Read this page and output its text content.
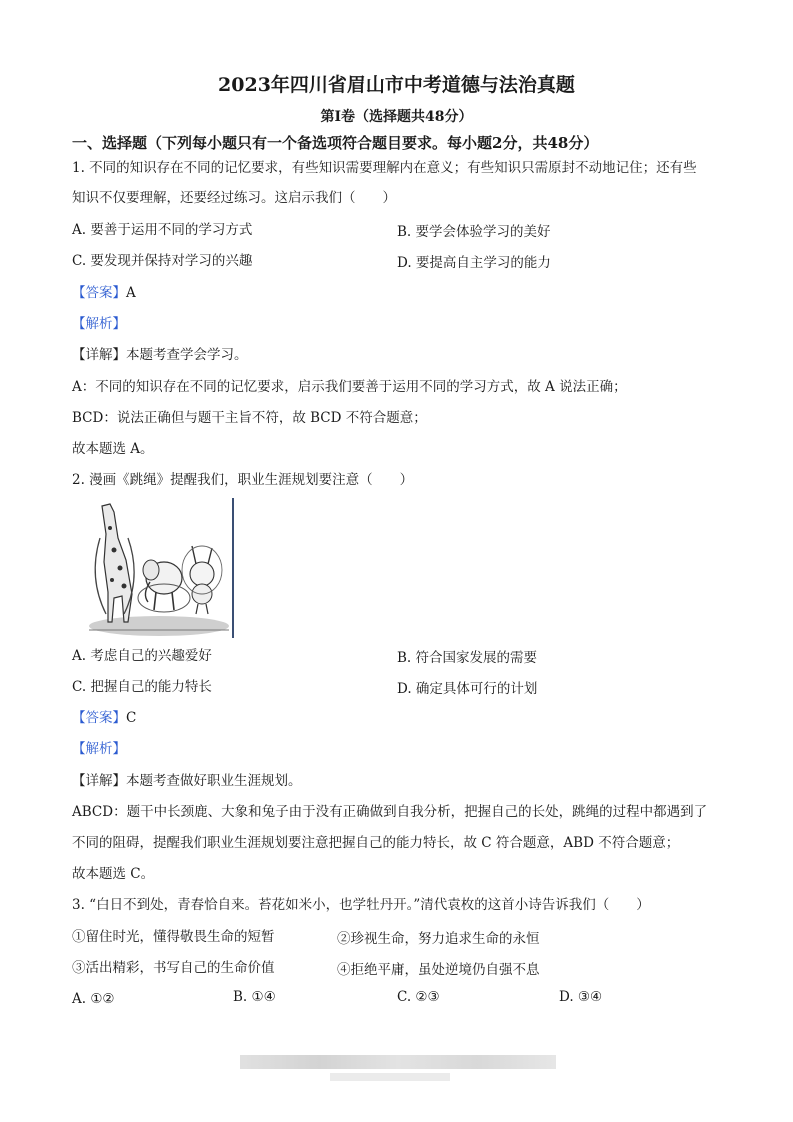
2023年四川省眉山市中考道德与法治真题
第I卷（选择题共48分）
一、选择题（下列每小题只有一个备选项符合题目要求。每小题2分，共48分）
1. 不同的知识存在不同的记忆要求，有些知识需要理解内在意义；有些知识只需原封不动地记住；还有些
知识不仅要理解，还要经过练习。这启示我们（　　）
A. 要善于运用不同的学习方式	B. 要学会体验学习的美好
C. 要发现并保持对学习的兴趣	D. 要提高自主学习的能力
【答案】A
【解析】
【详解】本题考查学会学习。
A：不同的知识存在不同的记忆要求，启示我们要善于运用不同的学习方式，故 A 说法正确；
BCD：说法正确但与题干主旨不符，故 BCD 不符合题意；
故本题选 A。
2. 漫画《跳绳》提醒我们，职业生涯规划要注意（　　）
A. 考虑自己的兴趣爱好	B. 符合国家发展的需要
C. 把握自己的能力特长	D. 确定具体可行的计划
【答案】C
【解析】
【详解】本题考查做好职业生涯规划。
ABCD：题干中长颈鹿、大象和兔子由于没有正确做到自我分析，把握自己的长处，跳绳的过程中都遇到了
不同的阻碍，提醒我们职业生涯规划要注意把握自己的能力特长，故 C 符合题意，ABD 不符合题意；
故本题选 C。
3. “白日不到处，青春恰自来。苔花如米小，也学牡丹开。”清代袁枚的这首小诗告诉我们（　　）
①留住时光，懂得敬畏生命的短暂	②珍视生命，努力追求生命的永恒
③活出精彩，书写自己的生命价值	④拒绝平庸，虽处逆境仍自强不息
A. ①②	B. ①④	C. ②③	D. ③④
